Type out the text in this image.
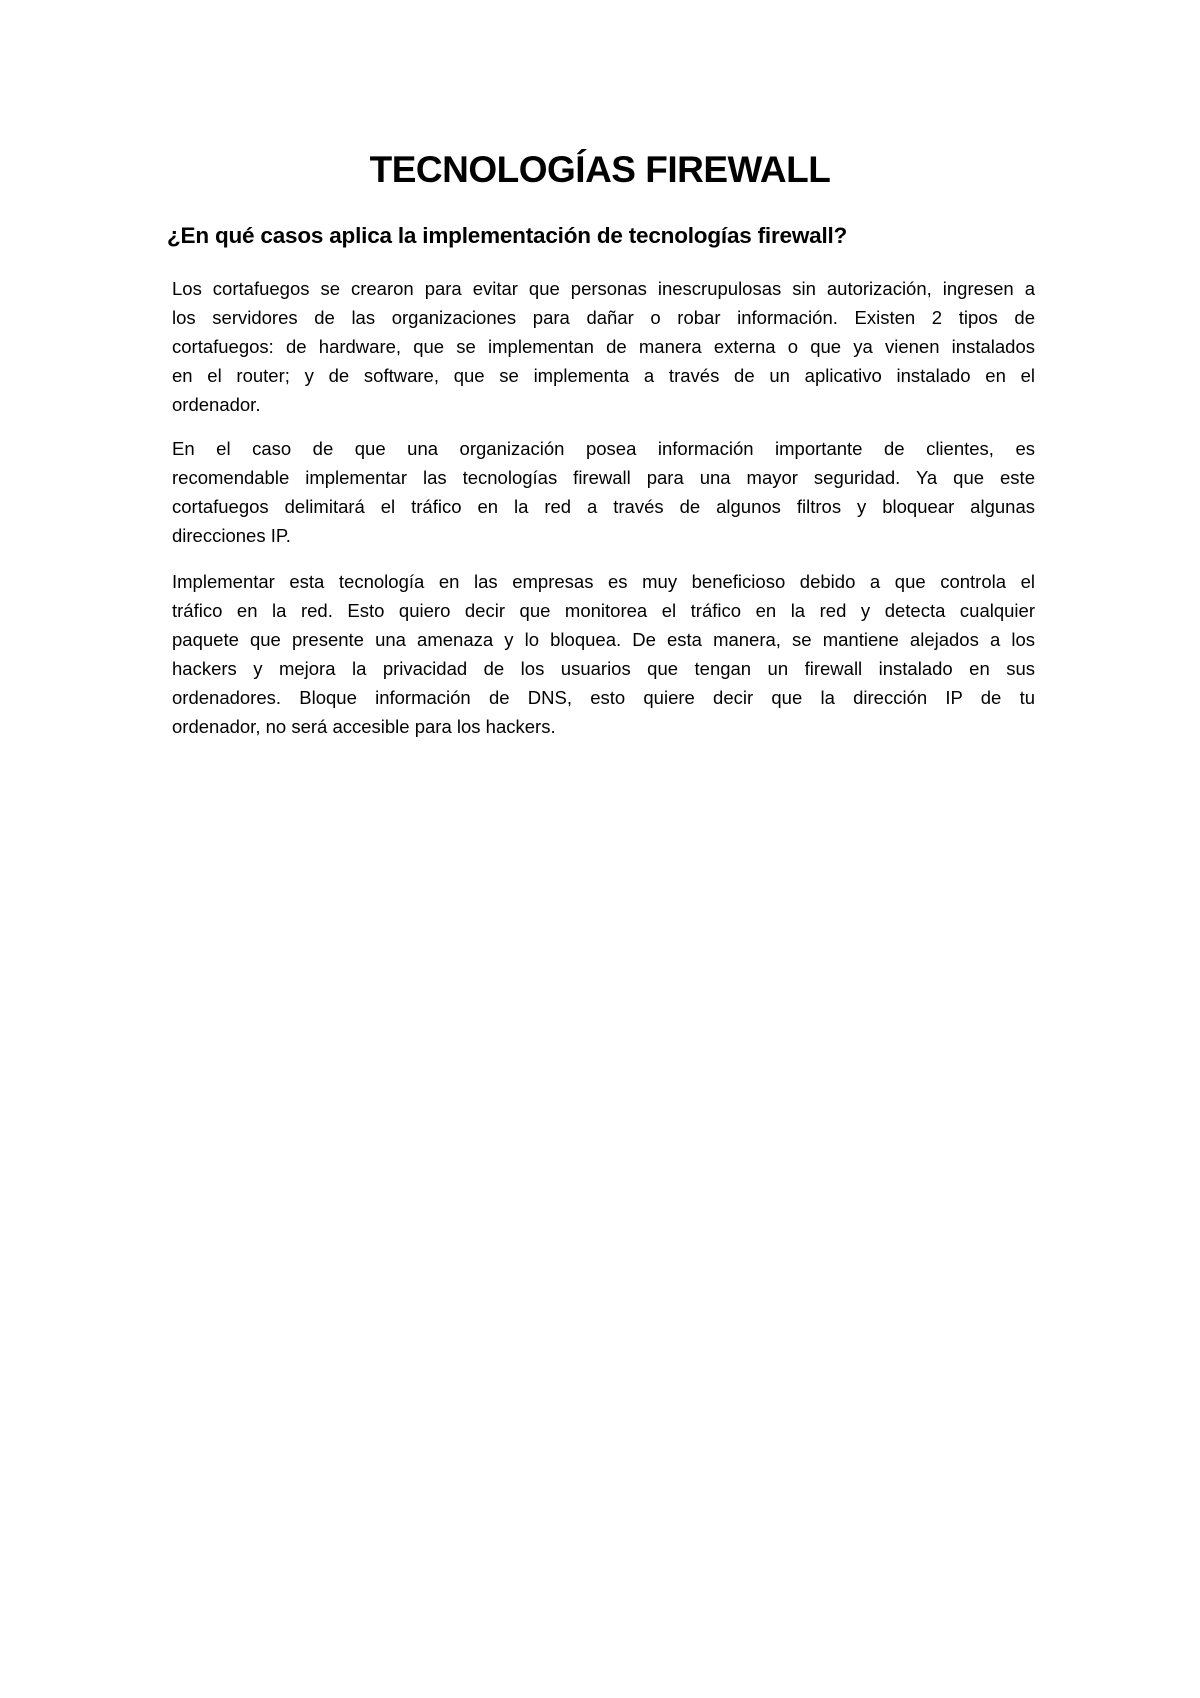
TECNOLOGÍAS FIREWALL
¿En qué casos aplica la implementación de tecnologías firewall?
Los cortafuegos se crearon para evitar que personas inescrupulosas sin autorización, ingresen a
los servidores de las organizaciones para dañar o robar información. Existen 2 tipos de
cortafuegos: de hardware, que se implementan de manera externa o que ya vienen instalados
en el router; y de software, que se implementa a través de un aplicativo instalado en el
ordenador.
En el caso de que una organización posea información importante de clientes, es
recomendable implementar las tecnologías firewall para una mayor seguridad. Ya que este
cortafuegos delimitará el tráfico en la red a través de algunos filtros y bloquear algunas
direcciones IP.
Implementar esta tecnología en las empresas es muy beneficioso debido a que controla el
tráfico en la red. Esto quiero decir que monitorea el tráfico en la red y detecta cualquier
paquete que presente una amenaza y lo bloquea. De esta manera, se mantiene alejados a los
hackers y mejora la privacidad de los usuarios que tengan un firewall instalado en sus
ordenadores. Bloque información de DNS, esto quiere decir que la dirección IP de tu
ordenador, no será accesible para los hackers.
